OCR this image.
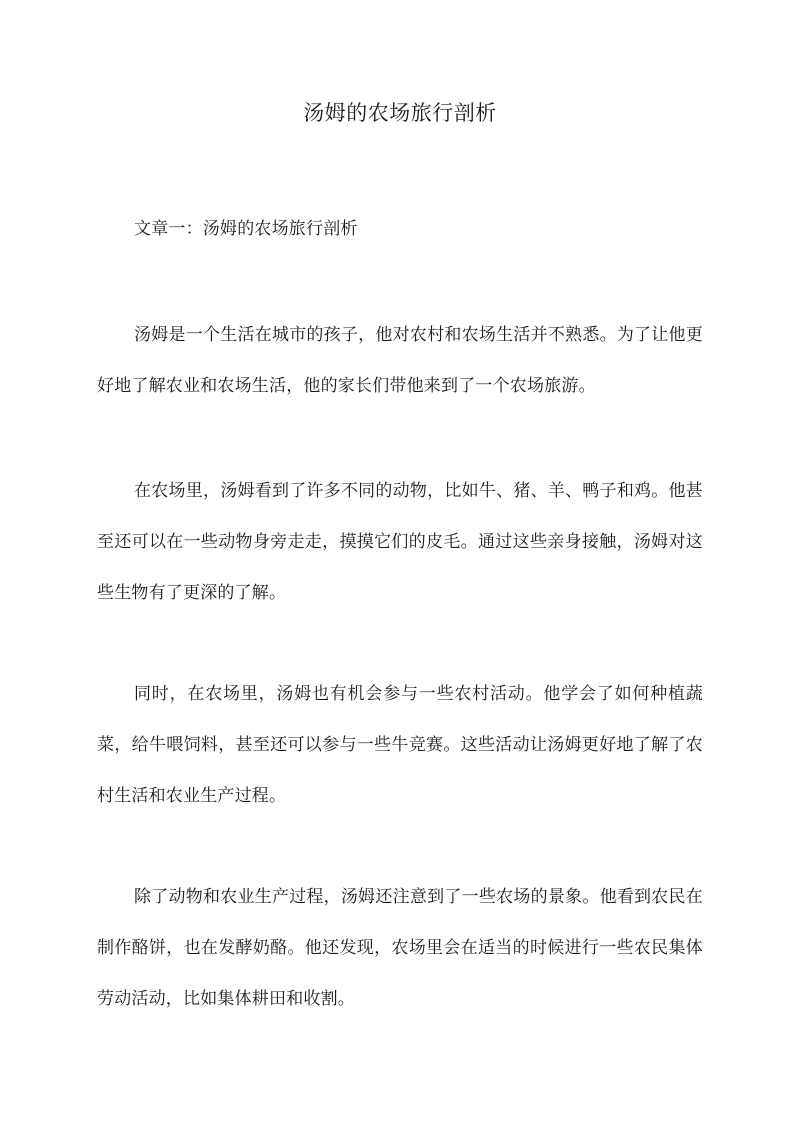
汤姆的农场旅行剖析

文章一：汤姆的农场旅行剖析

汤姆是一个生活在城市的孩子，他对农村和农场生活并不熟悉。为了让他更好地了解农业和农场生活，他的家长们带他来到了一个农场旅游。

在农场里，汤姆看到了许多不同的动物，比如牛、猪、羊、鸭子和鸡。他甚至还可以在一些动物身旁走走，摸摸它们的皮毛。通过这些亲身接触，汤姆对这些生物有了更深的了解。

同时，在农场里，汤姆也有机会参与一些农村活动。他学会了如何种植蔬菜，给牛喂饲料，甚至还可以参与一些牛竞赛。这些活动让汤姆更好地了解了农村生活和农业生产过程。

除了动物和农业生产过程，汤姆还注意到了一些农场的景象。他看到农民在制作酪饼，也在发酵奶酪。他还发现，农场里会在适当的时候进行一些农民集体劳动活动，比如集体耕田和收割。
